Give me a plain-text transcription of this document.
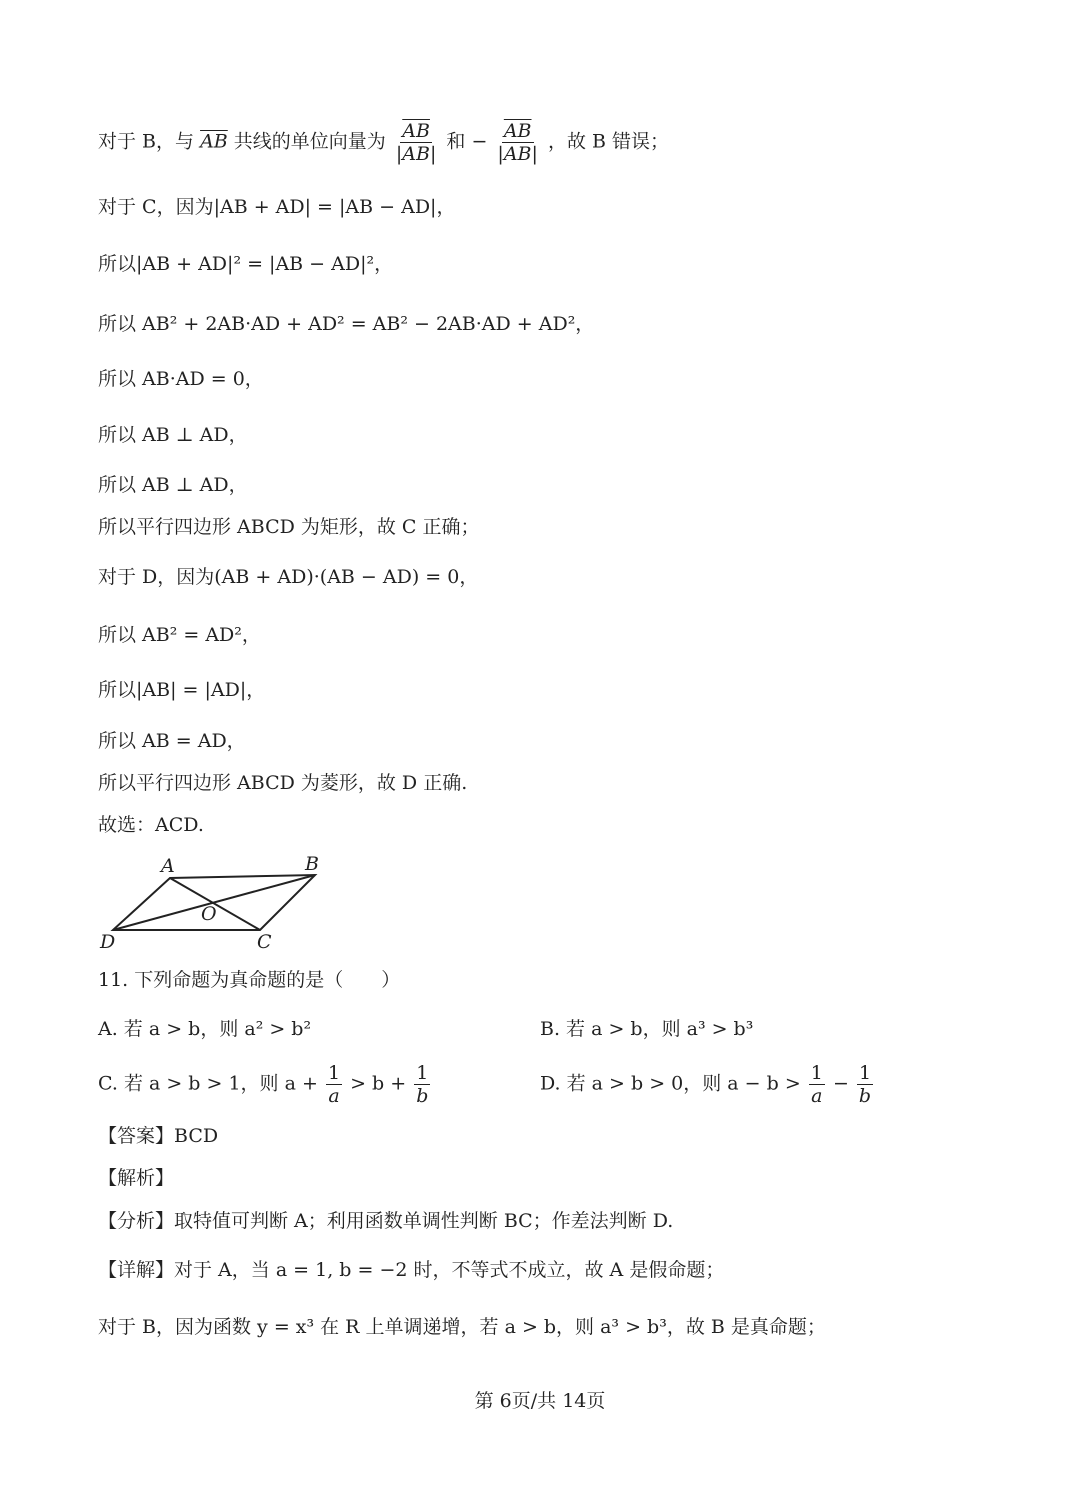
对于 B，与 $\overline{AB}$ 共线的单位向量为 $\frac{\overline{AB}}{|AB|}$ 和 − $\frac{\overline{AB}}{|AB|}$ ，故 B 错误；
对于 C，因为|AB + AD| = |AB − AD|，
所以|AB + AD|² = |AB − AD|²，
所以 AB² + 2AB·AD + AD² = AB² − 2AB·AD + AD²，
所以 AB·AD = 0，
所以 AB ⊥ AD，
所以 AB ⊥ AD，
所以平行四边形 ABCD 为矩形，故 C 正确；
对于 D，因为(AB + AD)·(AB − AD) = 0，
所以 AB² = AD²，
所以|AB| = |AD|，
所以 AB = AD，
所以平行四边形 ABCD 为菱形，故 D 正确.
故选：ACD.
A	B
O
D	C
11. 下列命题为真命题的是（　　）
A. 若 a > b，则 a² > b²	B. 若 a > b，则 a³ > b³
C. 若 a > b > 1，则 $a + \frac{1}{a} > b + \frac{1}{b}$	D. 若 a > b > 0，则 $a - b > \frac{1}{a} - \frac{1}{b}$
【答案】BCD
【解析】
【分析】取特值可判断 A；利用函数单调性判断 BC；作差法判断 D.
【详解】对于 A，当 a = 1, b = −2 时，不等式不成立，故 A 是假命题；
对于 B，因为函数 y = x³ 在 R 上单调递增，若 a > b，则 a³ > b³，故 B 是真命题；
第 6页/共 14页
